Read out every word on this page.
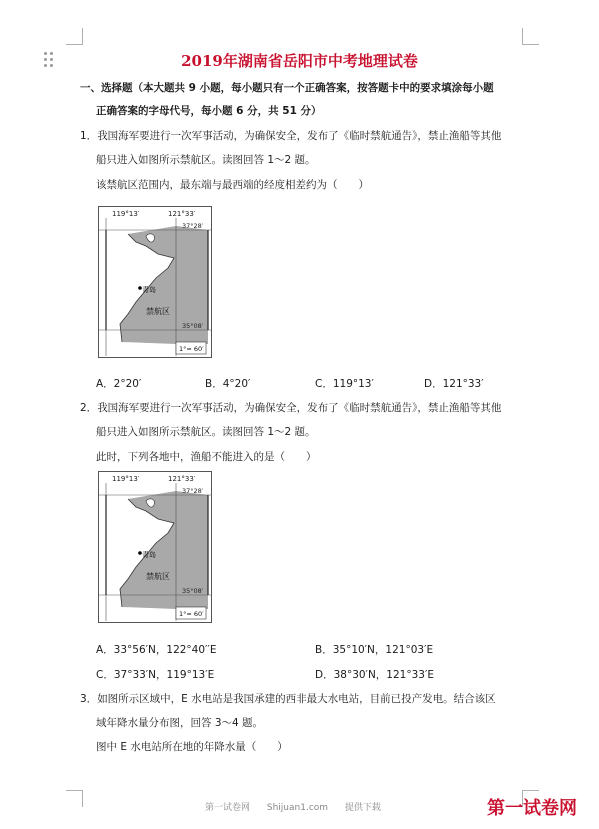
2019年湖南省岳阳市中考地理试卷
一、选择题（本大题共 9 小题，每小题只有一个正确答案，按答题卡中的要求填涂每小题
正确答案的字母代号，每小题 6 分，共 51 分）
1．我国海军要进行一次军事活动，为确保安全，发布了《临时禁航通告》，禁止渔船等其他
船只进入如图所示禁航区。读图回答 1～2 题。
该禁航区范围内，最东端与最西端的经度相差约为（　　）
119°13′	121°33′
37°28′
35°08′
青岛
禁航区
1°= 60′
A．2°20′	B．4°20′	C．119°13′	D．121°33′
2．我国海军要进行一次军事活动，为确保安全，发布了《临时禁航通告》，禁止渔船等其他
船只进入如图所示禁航区。读图回答 1～2 题。
此时，下列各地中，渔船不能进入的是（　　）
119°13′	121°33′
37°28′
35°08′
青岛
禁航区
1°= 60′
A．33°56′N，122°40′′E	B．35°10′N，121°03′E
C．37°33′N，119°13′E	D．38°30′N，121°33′E
3．如图所示区域中，E 水电站是我国承建的西非最大水电站，目前已投产发电。结合该区
域年降水量分布图，回答 3～4 题。
图中 E 水电站所在地的年降水量（　　）
第一试卷网 Shijuan1.com 提供下载	第一试卷网
